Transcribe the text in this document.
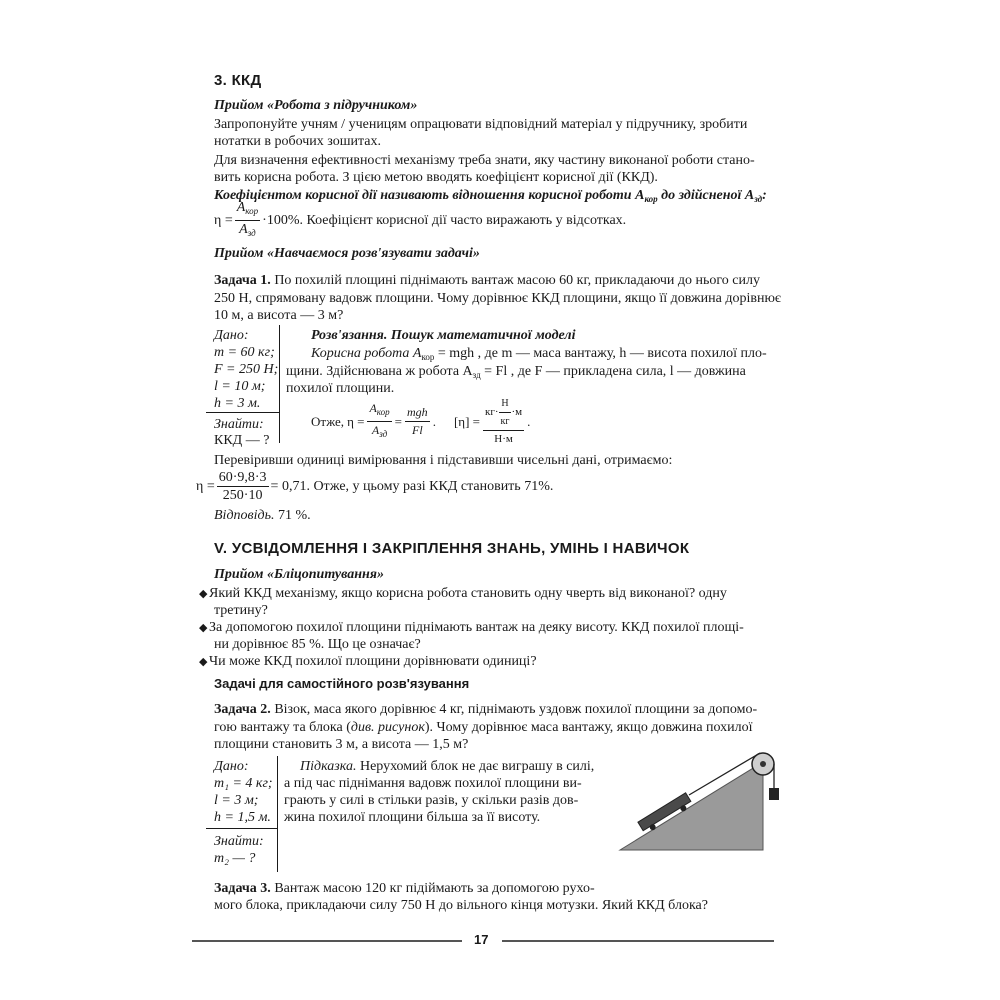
3. ККД
Прийом «Робота з підручником»
Запропонуйте учням / ученицям опрацювати відповідний матеріал у підручнику, зробити
нотатки в робочих зошитах.
Для визначення ефективності механізму треба знати, яку частину виконаної роботи стано-
вить корисна робота. З цією метою вводять коефіцієнт корисної дії (ККД).
Коефіцієнтом корисної дії називають відношення корисної роботи $A_{кор}$ до здійсненої $A_{зд}$:
$\eta = \frac{A_{кор}}{A_{зд}} \cdot 100\%$. Коефіцієнт корисної дії часто виражають у відсотках.
Прийом «Навчаємося розв'язувати задачі»
Задача 1. По похилій площині піднімають вантаж масою 60 кг, прикладаючи до нього силу
250 Н, спрямовану вадовж площини. Чому дорівнює ККД площини, якщо її довжина дорівнює
10 м, а висота — 3 м?
Дано:
m = 60 кг;
F = 250 Н;
l = 10 м;
h = 3 м.
Знайти:
ККД — ?
Розв'язання. Пошук математичної моделі
Корисна робота $A_{кор}$ = mgh , де m — маса вантажу, h — висота похилої пло-
щини. Здійснювана ж робота $A_{зд} = Fl$ , де F — прикладена сила, l — довжина
похилої площини.
Отже, $\eta = \frac{A_{кор}}{A_{зд}} = \frac{\text{mgh}}{Fl}$ . $[\eta] = \frac{кг\cdot \frac{Н}{кг} \cdot м}{Н\cdot м}$ .
Перевіривши одиниці вимірювання і підставивши чисельні дані, отримаємо:
$\eta = \frac{60\cdot 9,8\cdot 3}{250\cdot 10} = 0,71$. Отже, у цьому разі ККД становить 71%.
Відповідь. 71 %.
V. УСВІДОМЛЕННЯ І ЗАКРІПЛЕННЯ ЗНАНЬ, УМІНЬ І НАВИЧОК
Прийом «Бліцопитування»
◆ Який ККД механізму, якщо корисна робота становить одну чверть від виконаної? одну
третину?
◆ За допомогою похилої площини піднімають вантаж на деяку висоту. ККД похилої площі-
ни дорівнює 85 %. Що це означає?
◆ Чи може ККД похилої площини дорівнювати одиниці?
Задачі для самостійного розв'язування
Задача 2. Візок, маса якого дорівнює 4 кг, піднімають уздовж похилої площини за допомо-
гою вантажу та блока (див. рисунок). Чому дорівнює маса вантажу, якщо довжина похилої
площини становить 3 м, а висота — 1,5 м?
Дано:
m₁ = 4 кг;
l = 3 м;
h = 1,5 м.
Знайти:
m₂ — ?
Підказка. Нерухомий блок не дає виграшу в силі,
а під час піднімання вадовж похилої площини ви-
грають у силі в стільки разів, у скільки разів дов-
жина похилої площини більша за її висоту.
Задача 3. Вантаж масою 120 кг підіймають за допомогою рухо-
мого блока, прикладаючи силу 750 Н до вільного кінця мотузки. Який ККД блока?
17
